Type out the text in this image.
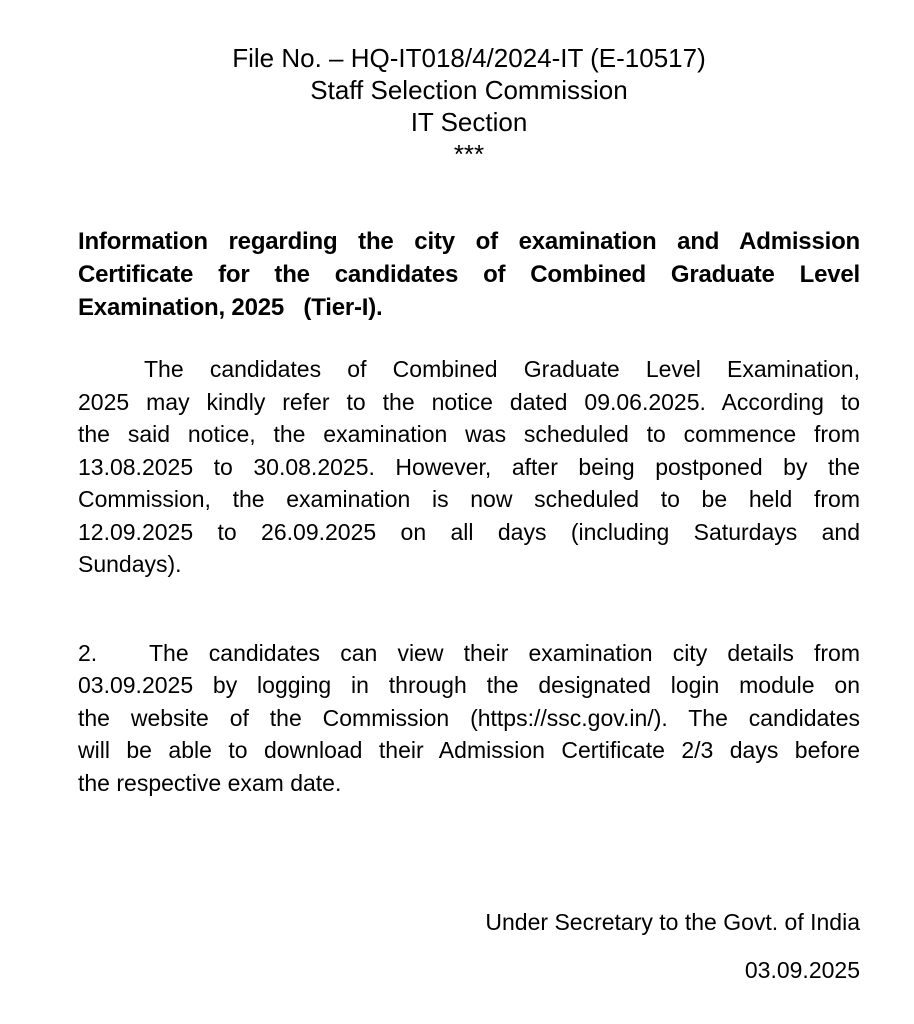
File No. – HQ-IT018/4/2024-IT (E-10517)
Staff Selection Commission
IT Section
***
Information regarding the city of examination and Admission
Certificate for the candidates of Combined Graduate Level
Examination, 2025   (Tier-I).
The candidates of Combined Graduate Level Examination,
2025 may kindly refer to the notice dated 09.06.2025. According to
the said notice, the examination was scheduled to commence from
13.08.2025 to 30.08.2025. However, after being postponed by the
Commission, the examination is now scheduled to be held from
12.09.2025 to 26.09.2025 on all days (including Saturdays and
Sundays).
2. The candidates can view their examination city details from
03.09.2025 by logging in through the designated login module on
the website of the Commission (https://ssc.gov.in/). The candidates
will be able to download their Admission Certificate 2/3 days before
the respective exam date.
Under Secretary to the Govt. of India
03.09.2025
